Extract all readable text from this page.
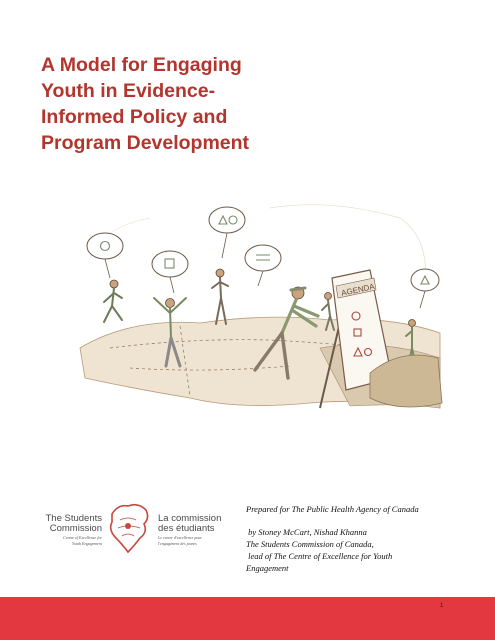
A Model for Engaging
Youth in Evidence-
Informed Policy and
Program Development
AGENDA
The Students
Commission
Centre of Excellence for
Youth Engagement
La commission
des étudiants
Le centre d'excellence pour
l'engagement des jeunes
Prepared for The Public Health Agency of Canada
by Stoney McCart, Nishad Khanna
The Students Commission of Canada,
lead of The Centre of Excellence for Youth
Engagement
1
